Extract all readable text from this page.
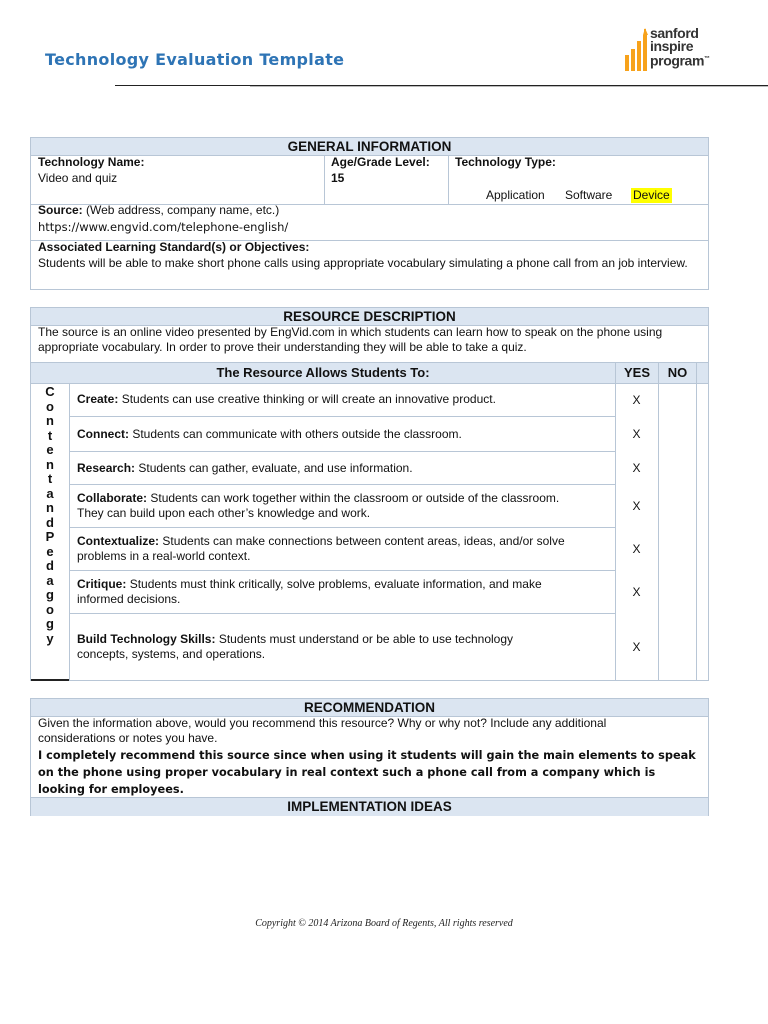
Technology Evaluation Template
sanford
inspire
program™
GENERAL INFORMATION
Technology Name:
Video and quiz
Age/Grade Level:
15
Technology Type:
Application Software Device
Source: (Web address, company name, etc.)
https://www.engvid.com/telephone-english/
Associated Learning Standard(s) or Objectives:
Students will be able to make short phone calls using appropriate vocabulary simulating a phone call from an job interview.
RESOURCE DESCRIPTION
The source is an online video presented by EngVid.com in which students can learn how to speak on the phone using appropriate vocabulary. In order to prove their understanding they will be able to take a quiz.
The Resource Allows Students To:	YES	NO
C
o
n
t
e
n
t
a
n
d
P
e
d
a
g
o
g
y
Create: Students can use creative thinking or will create an innovative product.	X
Connect: Students can communicate with others outside the classroom.	X
Research: Students can gather, evaluate, and use information.	X
Collaborate: Students can work together within the classroom or outside of the classroom. They can build upon each other’s knowledge and work.	X
Contextualize: Students can make connections between content areas, ideas, and/or solve problems in a real-world context.	X
Critique: Students must think critically, solve problems, evaluate information, and make informed decisions.	X
Build Technology Skills: Students must understand or be able to use technology concepts, systems, and operations.	X
RECOMMENDATION
Given the information above, would you recommend this resource? Why or why not? Include any additional considerations or notes you have.
I completely recommend this source since when using it students will gain the main elements to speak on the phone using proper vocabulary in real context such a phone call from a company which is looking for employees.
IMPLEMENTATION IDEAS
Copyright © 2014 Arizona Board of Regents, All rights reserved
